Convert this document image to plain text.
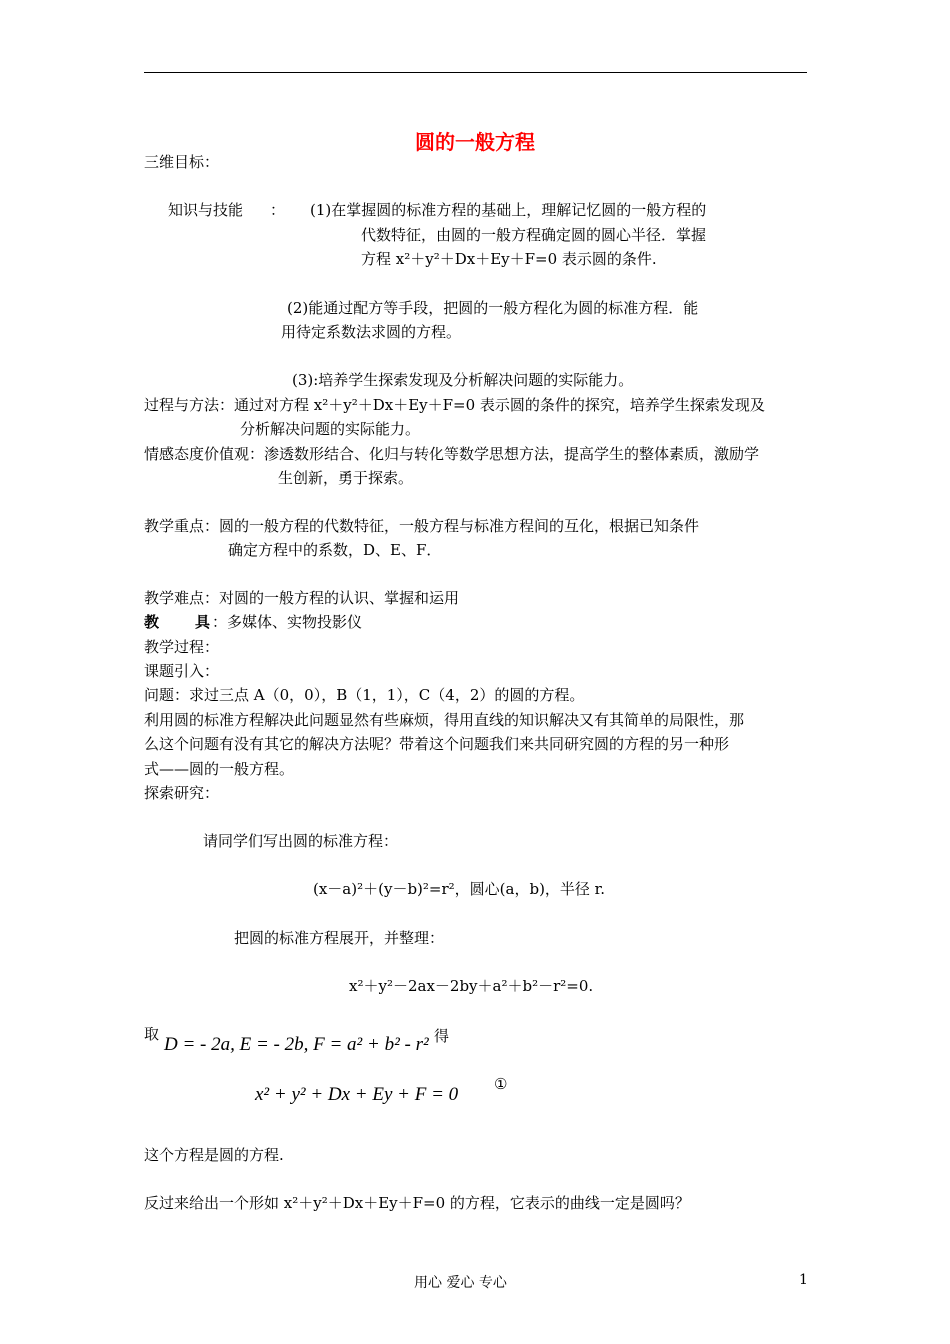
圆的一般方程
三维目标：
知识与技能 ： (1)在掌握圆的标准方程的基础上，理解记忆圆的一般方程的
代数特征，由圆的一般方程确定圆的圆心半径．掌握
方程 x²＋y²＋Dx＋Ey＋F=0 表示圆的条件.
(2)能通过配方等手段，把圆的一般方程化为圆的标准方程．能
用待定系数法求圆的方程。
(3):培养学生探索发现及分析解决问题的实际能力。
过程与方法：通过对方程 x²＋y²＋Dx＋Ey＋F=0 表示圆的条件的探究，培养学生探索发现及
分析解决问题的实际能力。
情感态度价值观：渗透数形结合、化归与转化等数学思想方法，提高学生的整体素质，激励学
生创新，勇于探索。
教学重点：圆的一般方程的代数特征，一般方程与标准方程间的互化，根据已知条件
确定方程中的系数，D、E、F．
教学难点：对圆的一般方程的认识、掌握和运用
教 具 ：多媒体、实物投影仪
教学过程：
课题引入：
问题：求过三点 A（0，0），B（1，1），C（4，2）的圆的方程。
利用圆的标准方程解决此问题显然有些麻烦，得用直线的知识解决又有其简单的局限性，那
么这个问题有没有其它的解决方法呢？带着这个问题我们来共同研究圆的方程的另一种形
式——圆的一般方程。
探索研究：
请同学们写出圆的标准方程：
(x－a)²＋(y－b)²=r²，圆心(a，b)，半径 r.
把圆的标准方程展开，并整理：
x²＋y²－2ax－2by＋a²＋b²－r²=0.
取 D = - 2a, E = - 2b, F = a² + b² - r² 得
x² + y² + Dx + Ey + F = 0 ①
这个方程是圆的方程.
反过来给出一个形如 x²＋y²＋Dx＋Ey＋F=0 的方程，它表示的曲线一定是圆吗？
用心 爱心 专心	1
